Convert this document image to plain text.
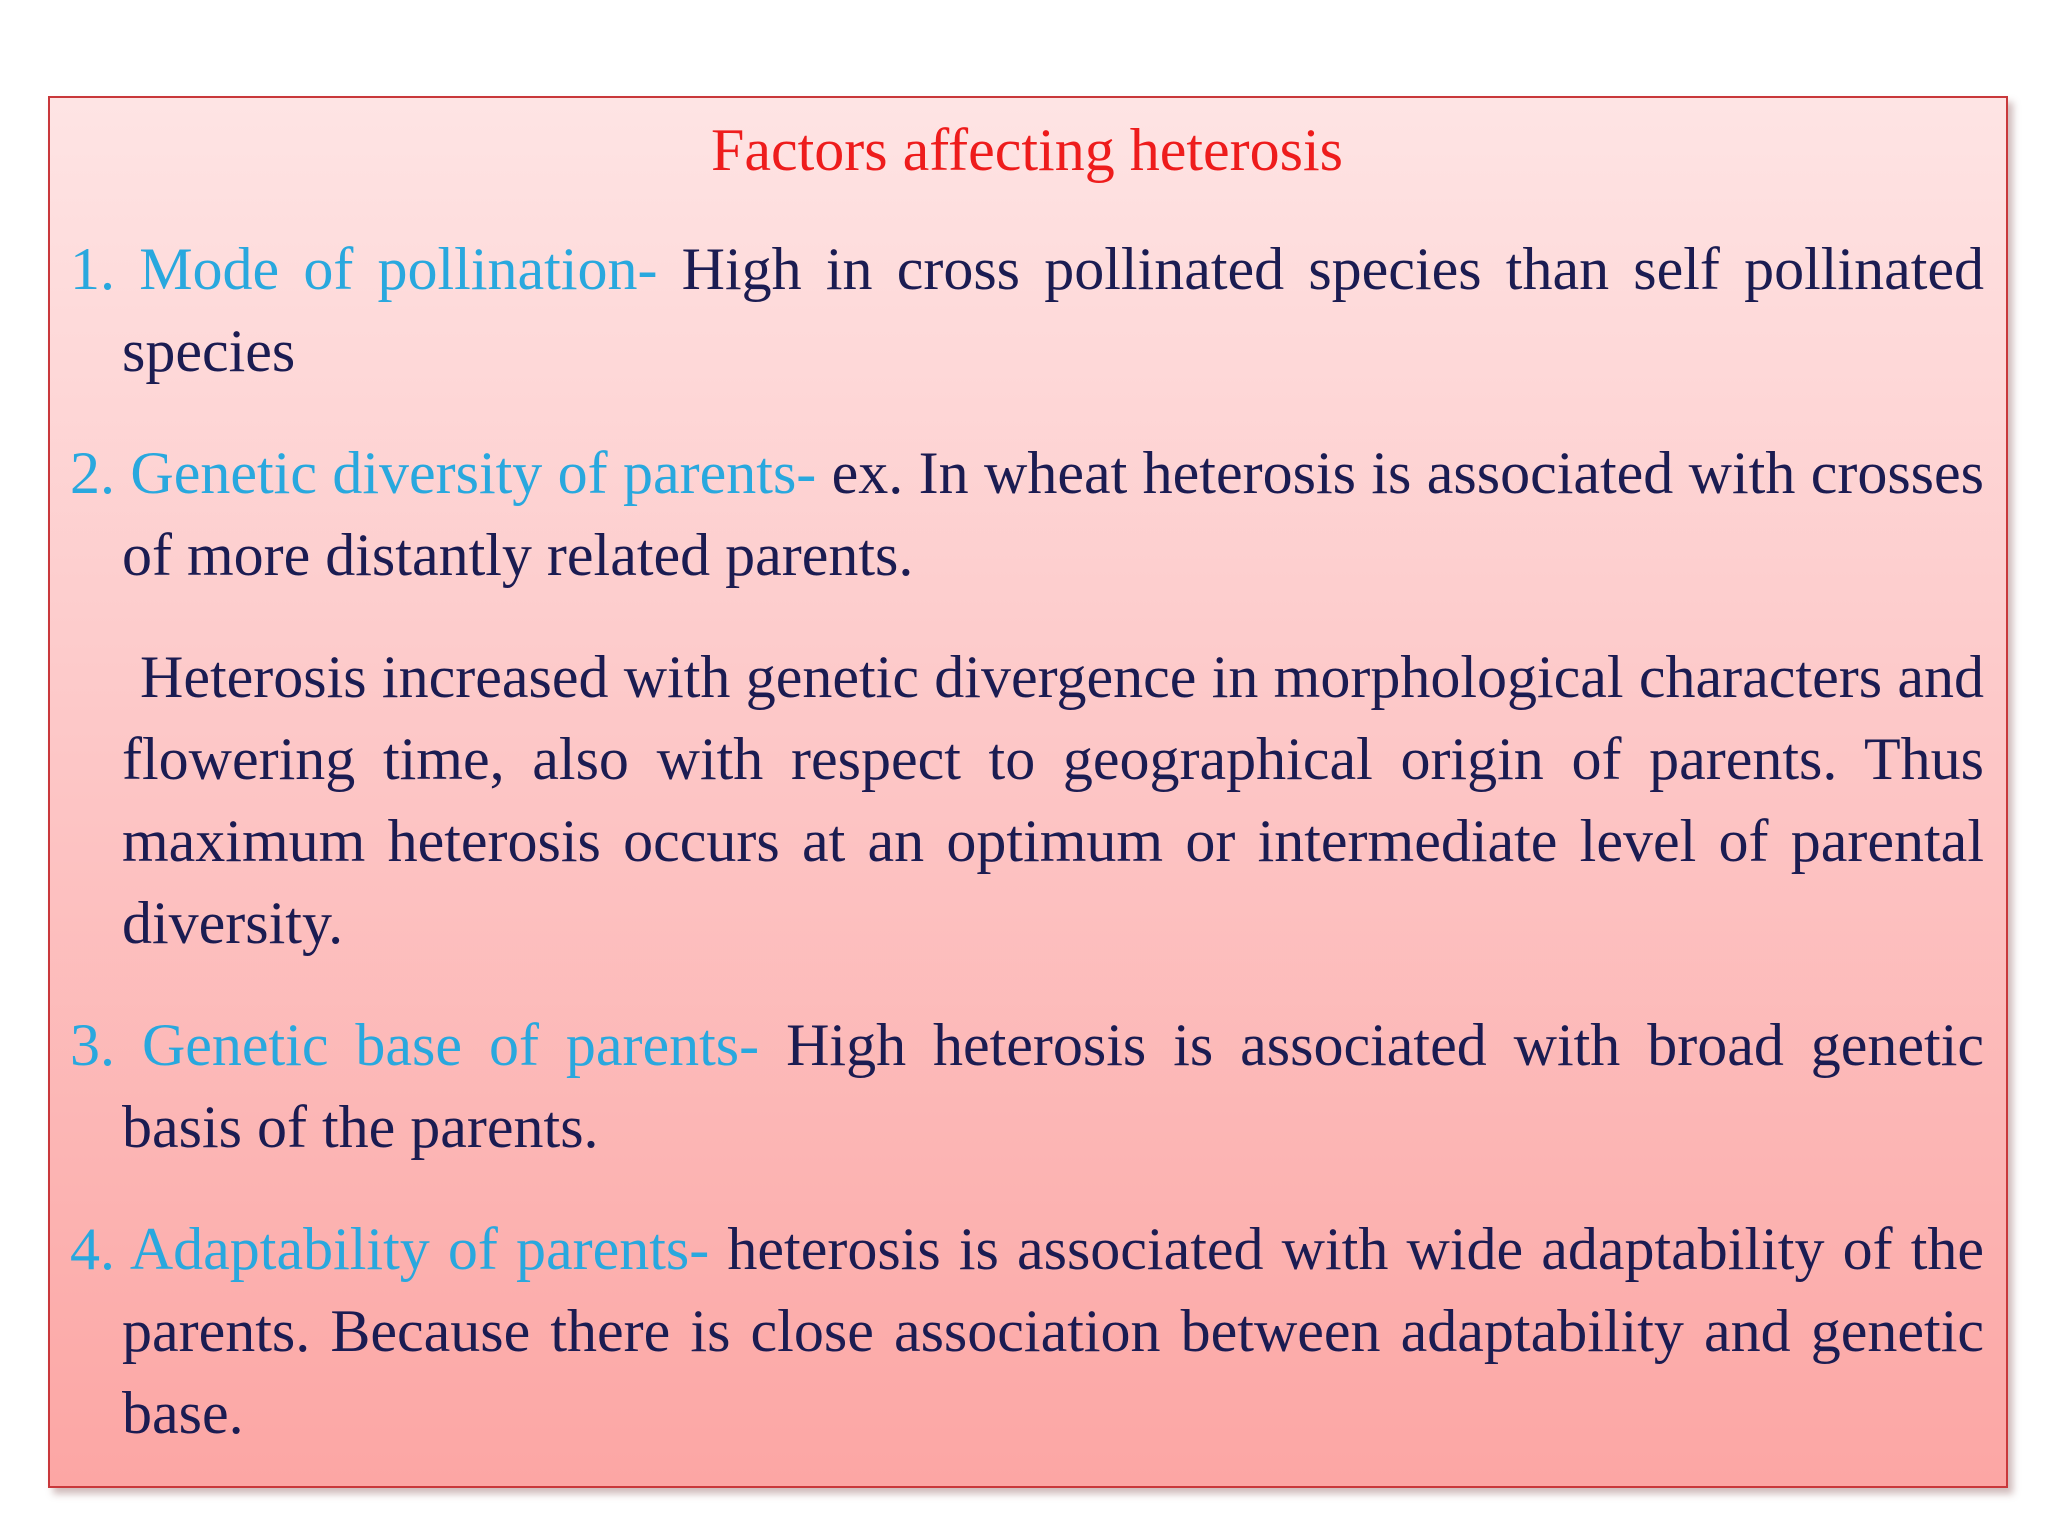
Factors affecting heterosis

1. Mode of pollination- High in cross pollinated species than self pollinated species

2. Genetic diversity of parents- ex. In wheat heterosis is associated with crosses of more distantly related parents.

Heterosis increased with genetic divergence in morphological characters and flowering time, also with respect to geographical origin of parents. Thus maximum heterosis occurs at an optimum or intermediate level of parental diversity.

3. Genetic base of parents- High heterosis is associated with broad genetic basis of the parents.

4. Adaptability of parents- heterosis is associated with wide adaptability of the parents. Because there is close association between adaptability and genetic base.
